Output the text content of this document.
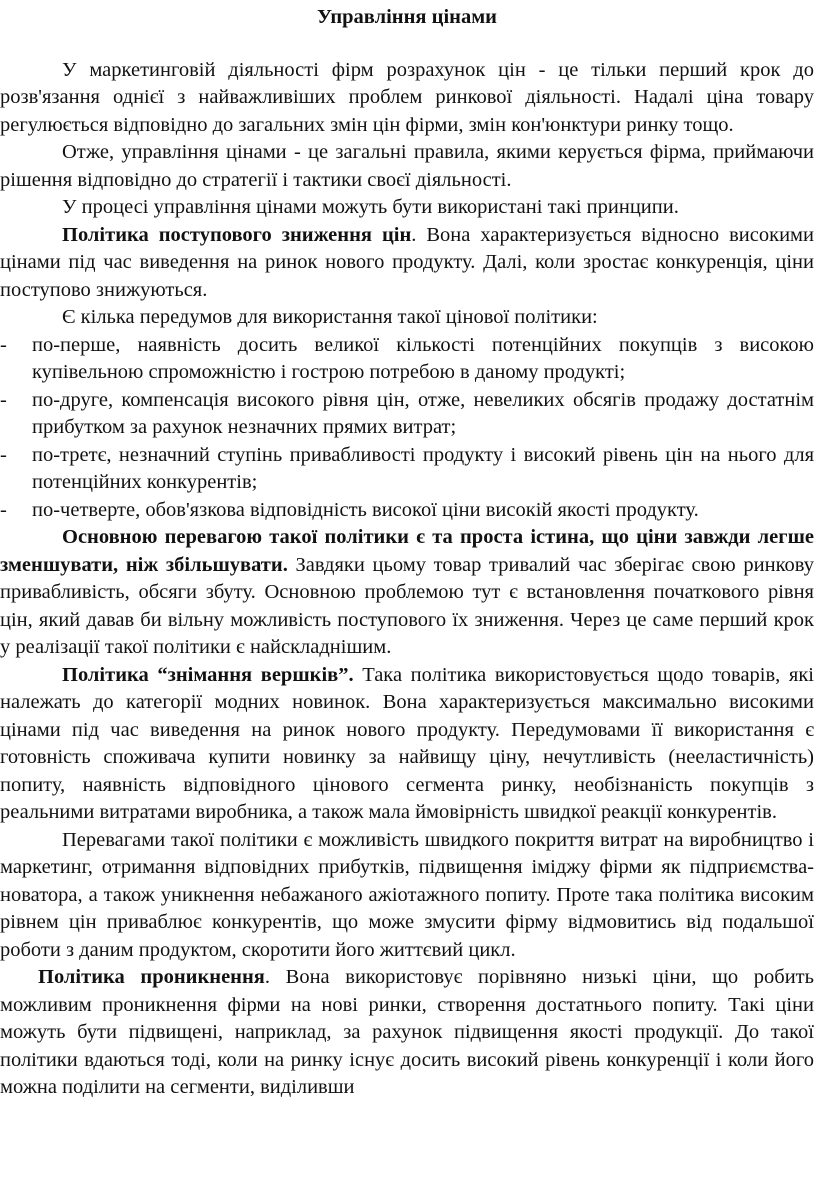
Управління цінами

У маркетинговій діяльності фірм розрахунок цін - це тільки перший крок до розв'язання однієї з найважливіших проблем ринкової діяльності. Надалі ціна товару регулюється відповідно до загальних змін цін фірми, змін кон'юнктури ринку тощо.

Отже, управління цінами - це загальні правила, якими керується фірма, приймаючи рішення відповідно до стратегії і тактики своєї діяльності.

У процесі управління цінами можуть бути використані такі принципи.

Політика поступового зниження цін. Вона характеризується відносно високими цінами під час виведення на ринок нового продукту. Далі, коли зростає конкуренція, ціни поступово знижуються.

Є кілька передумов для використання такої цінової політики:

- по-перше, наявність досить великої кількості потенційних покупців з високою купівельною спроможністю і гострою потребою в даному продукті;
- по-друге, компенсація високого рівня цін, отже, невеликих обсягів продажу достатнім прибутком за рахунок незначних прямих витрат;
- по-третє, незначний ступінь привабливості продукту і високий рівень цін на нього для потенційних конкурентів;
- по-четверте, обов'язкова відповідність високої ціни високій якості продукту.

Основною перевагою такої політики є та проста істина, що ціни завжди легше зменшувати, ніж збільшувати. Завдяки цьому товар тривалий час зберігає свою ринкову привабливість, обсяги збуту. Основною проблемою тут є встановлення початкового рівня цін, який давав би вільну можливість поступового їх зниження. Через це саме перший крок у реалізації такої політики є найскладнішим.

Політика “знімання вершків”. Така політика використовується щодо товарів, які належать до категорії модних новинок. Вона характеризується максимально високими цінами під час виведення на ринок нового продукту. Передумовами її використання є готовність споживача купити новинку за найвищу ціну, нечутливість (нееластичність) попиту, наявність відповідного цінового сегмента ринку, необізнаність покупців з реальними витратами виробника, а також мала ймовірність швидкої реакції конкурентів.

Перевагами такої політики є можливість швидкого покриття витрат на виробництво і маркетинг, отримання відповідних прибутків, підвищення іміджу фірми як підприємства-новатора, а також уникнення небажаного ажіотажного попиту. Проте така політика високим рівнем цін приваблює конкурентів, що може змусити фірму відмовитись від подальшої роботи з даним продуктом, скоротити його життєвий цикл.

Політика проникнення. Вона використовує порівняно низькі ціни, що робить можливим проникнення фірми на нові ринки, створення достатнього попиту. Такі ціни можуть бути підвищені, наприклад, за рахунок підвищення якості продукції. До такої політики вдаються тоді, коли на ринку існує досить високий рівень конкуренції і коли його можна поділити на сегменти, виділивши
